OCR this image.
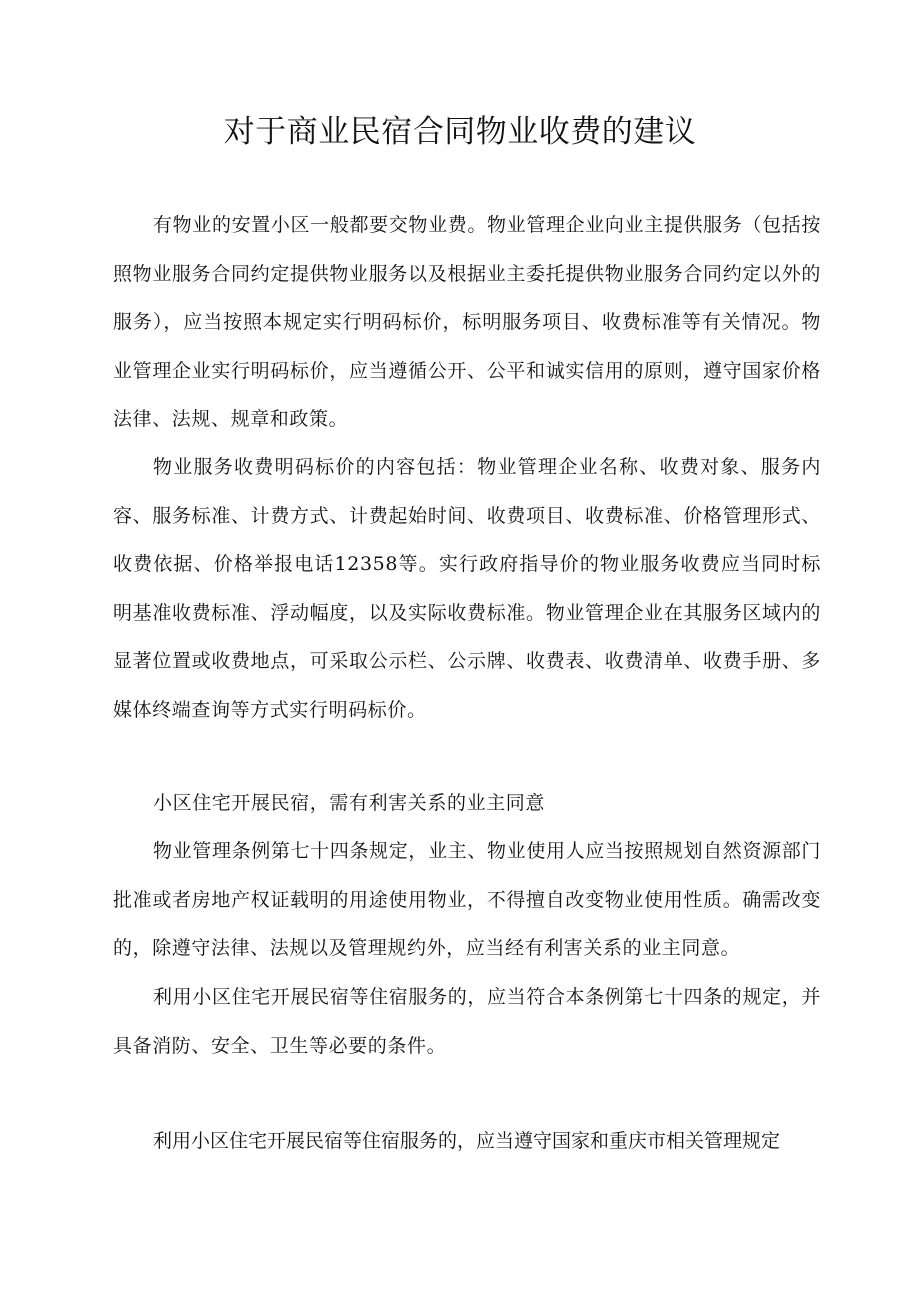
对于商业民宿合同物业收费的建议

有物业的安置小区一般都要交物业费。物业管理企业向业主提供服务（包括按照物业服务合同约定提供物业服务以及根据业主委托提供物业服务合同约定以外的服务），应当按照本规定实行明码标价，标明服务项目、收费标准等有关情况。物业管理企业实行明码标价，应当遵循公开、公平和诚实信用的原则，遵守国家价格法律、法规、规章和政策。

物业服务收费明码标价的内容包括：物业管理企业名称、收费对象、服务内容、服务标准、计费方式、计费起始时间、收费项目、收费标准、价格管理形式、收费依据、价格举报电话12358等。实行政府指导价的物业服务收费应当同时标明基准收费标准、浮动幅度，以及实际收费标准。物业管理企业在其服务区域内的显著位置或收费地点，可采取公示栏、公示牌、收费表、收费清单、收费手册、多媒体终端查询等方式实行明码标价。

小区住宅开展民宿，需有利害关系的业主同意

物业管理条例第七十四条规定，业主、物业使用人应当按照规划自然资源部门批准或者房地产权证载明的用途使用物业，不得擅自改变物业使用性质。确需改变的，除遵守法律、法规以及管理规约外，应当经有利害关系的业主同意。

利用小区住宅开展民宿等住宿服务的，应当符合本条例第七十四条的规定，并具备消防、安全、卫生等必要的条件。

利用小区住宅开展民宿等住宿服务的，应当遵守国家和重庆市相关管理规定
